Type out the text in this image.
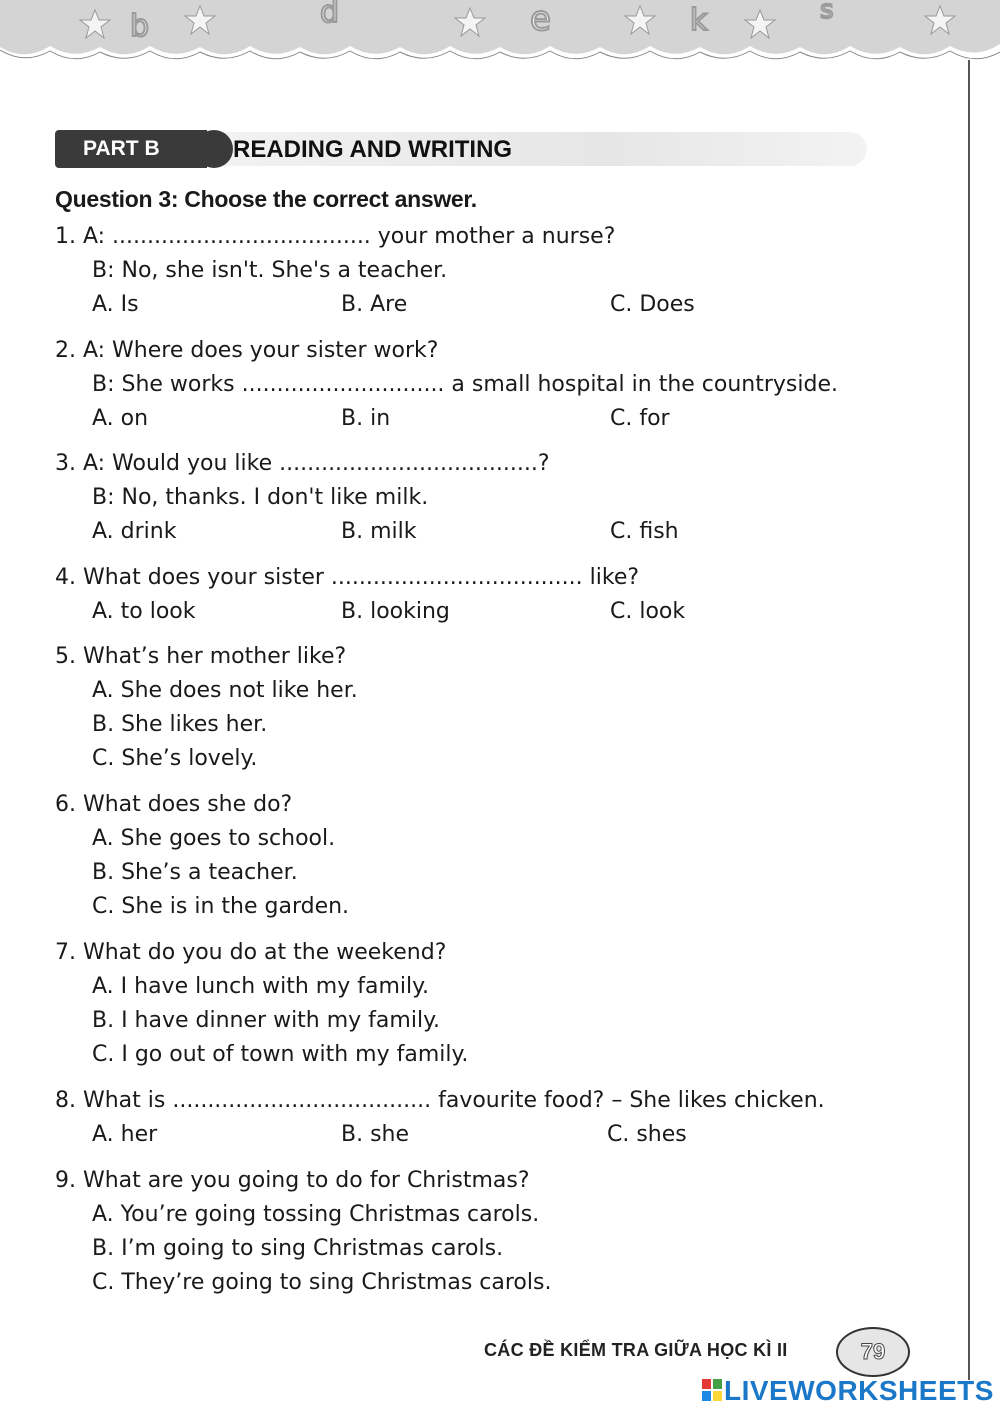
b	d	e	k	s
PART B	READING AND WRITING
Question 3: Choose the correct answer.
1. A: ..................................... your mother a nurse?
B: No, she isn't. She's a teacher.
A. Is	B. Are	C. Does
2. A: Where does your sister work?
B: She works ............................. a small hospital in the countryside.
A. on	B. in	C. for
3. A: Would you like .....................................?
B: No, thanks. I don't like milk.
A. drink	B. milk	C. fish
4. What does your sister .................................... like?
A. to look	B. looking	C. look
5. What’s her mother like?
A. She does not like her.
B. She likes her.
C. She’s lovely.
6. What does she do?
A. She goes to school.
B. She’s a teacher.
C. She is in the garden.
7. What do you do at the weekend?
A. I have lunch with my family.
B. I have dinner with my family.
C. I go out of town with my family.
8. What is ..................................... favourite food? – She likes chicken.
A. her	B. she	C. shes
9. What are you going to do for Christmas?
A. You’re going tossing Christmas carols.
B. I’m going to sing Christmas carols.
C. They’re going to sing Christmas carols.
CÁC ĐỀ KIỂM TRA GIỮA HỌC KÌ II	79
LIVEWORKSHEETS
